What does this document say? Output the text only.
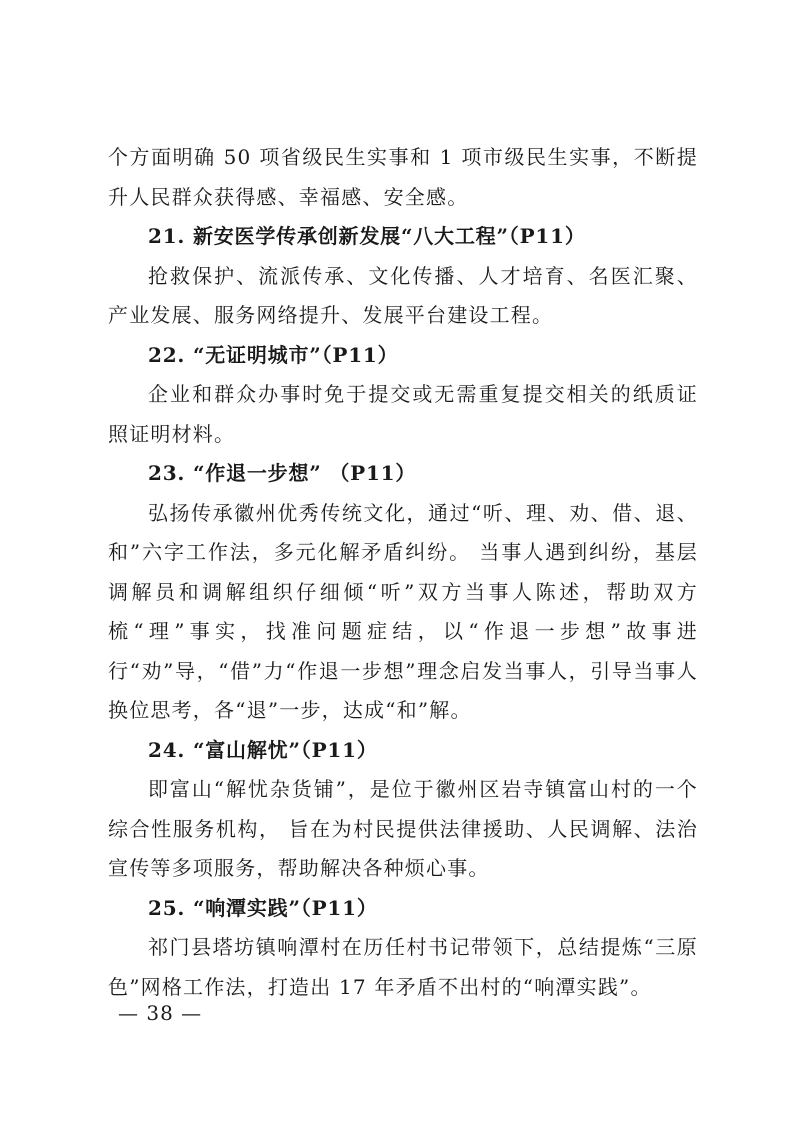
个方面明确 50 项省级民生实事和 1 项市级民生实事，不断提升人民群众获得感、幸福感、安全感。

21. 新安医学传承创新发展“八大工程”（P11）

抢救保护、流派传承、文化传播、人才培育、名医汇聚、产业发展、服务网络提升、发展平台建设工程。

22. “无证明城市”（P11）

企业和群众办事时免于提交或无需重复提交相关的纸质证照证明材料。

23. “作退一步想” （P11）

弘扬传承徽州优秀传统文化，通过“听、理、劝、借、退、和”六字工作法，多元化解矛盾纠纷。 当事人遇到纠纷，基层调解员和调解组织仔细倾“听”双方当事人陈述，帮助双方梳“理”事实，找准问题症结，以“作退一步想”故事进行“劝”导，“借”力“作退一步想”理念启发当事人，引导当事人换位思考，各“退”一步，达成“和”解。

24. “富山解忧”（P11）

即富山“解忧杂货铺”，是位于徽州区岩寺镇富山村的一个综合性服务机构， 旨在为村民提供法律援助、人民调解、法治宣传等多项服务，帮助解决各种烦心事。

25. “响潭实践”（P11）

祁门县塔坊镇响潭村在历任村书记带领下，总结提炼“三原色”网格工作法，打造出 17 年矛盾不出村的“响潭实践”。

— 38 —
